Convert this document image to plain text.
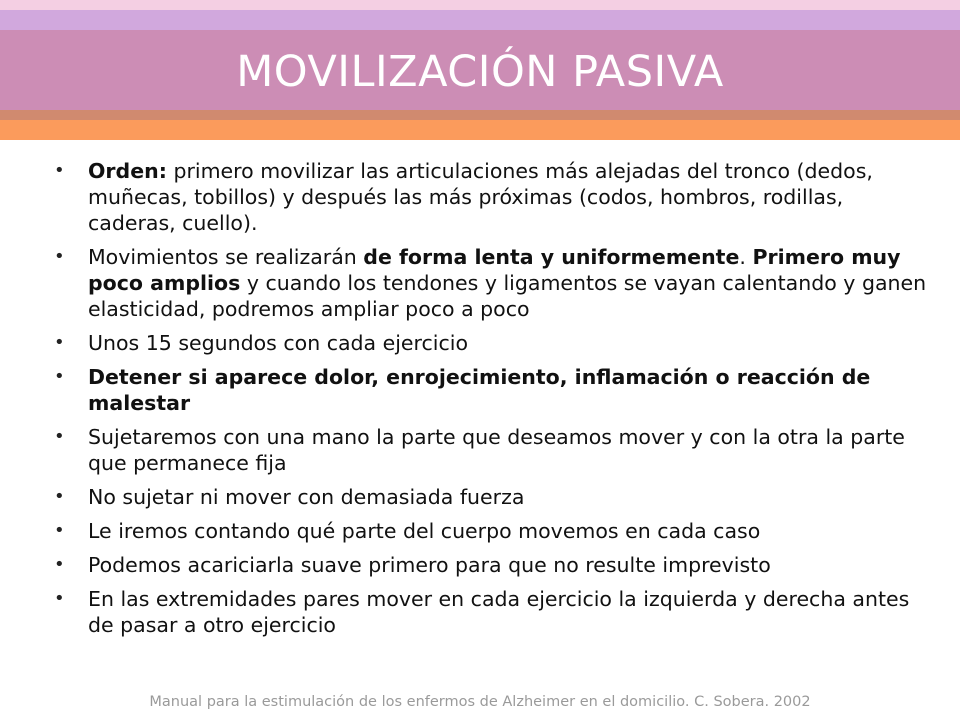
MOVILIZACIÓN PASIVA
• Orden: primero movilizar las articulaciones más alejadas del tronco (dedos, muñecas, tobillos) y después las más próximas (codos, hombros, rodillas, caderas, cuello).
• Movimientos se realizarán de forma lenta y uniformemente. Primero muy poco amplios y cuando los tendones y ligamentos se vayan calentando y ganen elasticidad, podremos ampliar poco a poco
• Unos 15 segundos con cada ejercicio
• Detener si aparece dolor, enrojecimiento, inflamación o reacción de malestar
• Sujetaremos con una mano la parte que deseamos mover y con la otra la parte que permanece fija
• No sujetar ni mover con demasiada fuerza
• Le iremos contando qué parte del cuerpo movemos en cada caso
• Podemos acariciarla suave primero para que no resulte imprevisto
• En las extremidades pares mover en cada ejercicio la izquierda y derecha antes de pasar a otro ejercicio
Manual para la estimulación de los enfermos de Alzheimer en el domicilio. C. Sobera. 2002
